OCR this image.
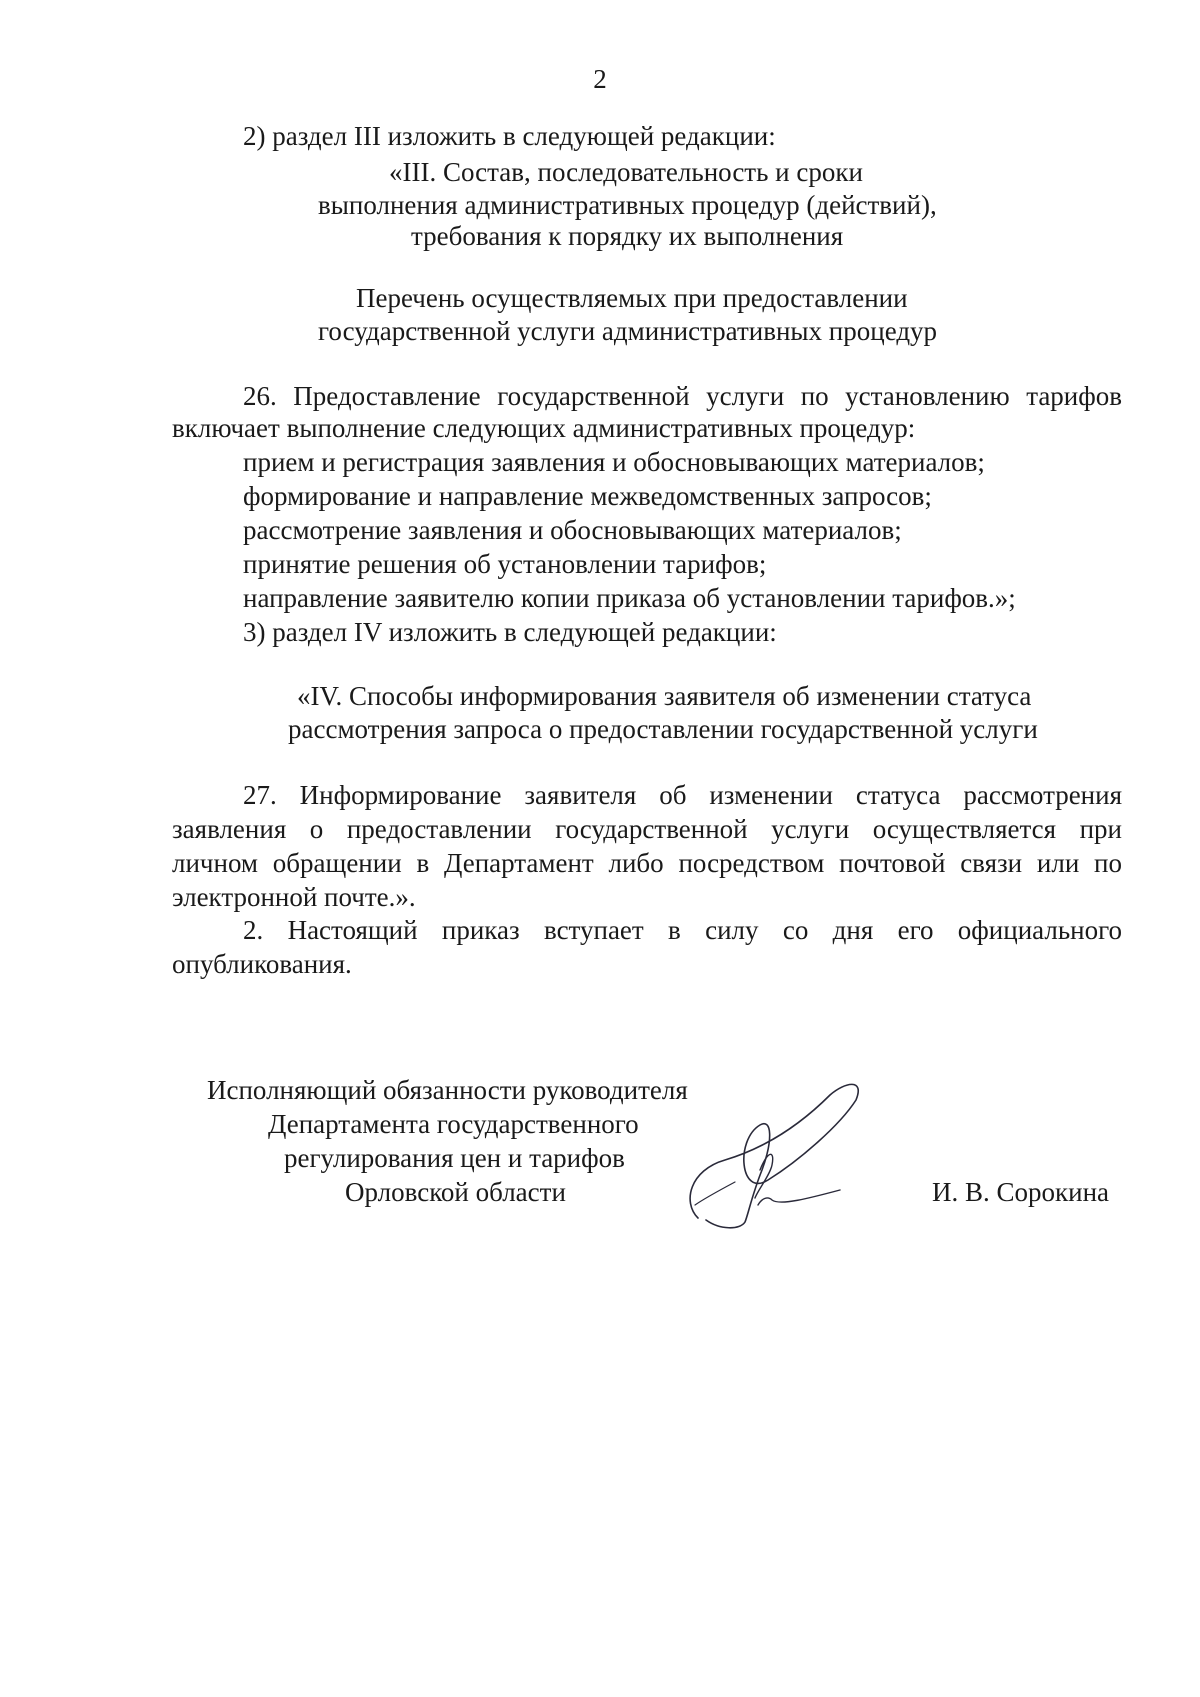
2
2) раздел III изложить в следующей редакции:
«III. Состав, последовательность и сроки
выполнения административных процедур (действий),
требования к порядку их выполнения
Перечень осуществляемых при предоставлении
государственной услуги административных процедур
26. Предоставление государственной услуги по установлению тарифов
включает выполнение следующих административных процедур:
прием и регистрация заявления и обосновывающих материалов;
формирование и направление межведомственных запросов;
рассмотрение заявления и обосновывающих материалов;
принятие решения об установлении тарифов;
направление заявителю копии приказа об установлении тарифов.»;
3) раздел IV изложить в следующей редакции:
«IV. Способы информирования заявителя об изменении статуса
рассмотрения запроса о предоставлении государственной услуги
27. Информирование заявителя об изменении статуса рассмотрения
заявления о предоставлении государственной услуги осуществляется при
личном обращении в Департамент либо посредством почтовой связи или по
электронной почте.».
2. Настоящий приказ вступает в силу со дня его официального
опубликования.
Исполняющий обязанности руководителя
Департамента государственного
регулирования цен и тарифов
Орловской области	И. В. Сорокина
